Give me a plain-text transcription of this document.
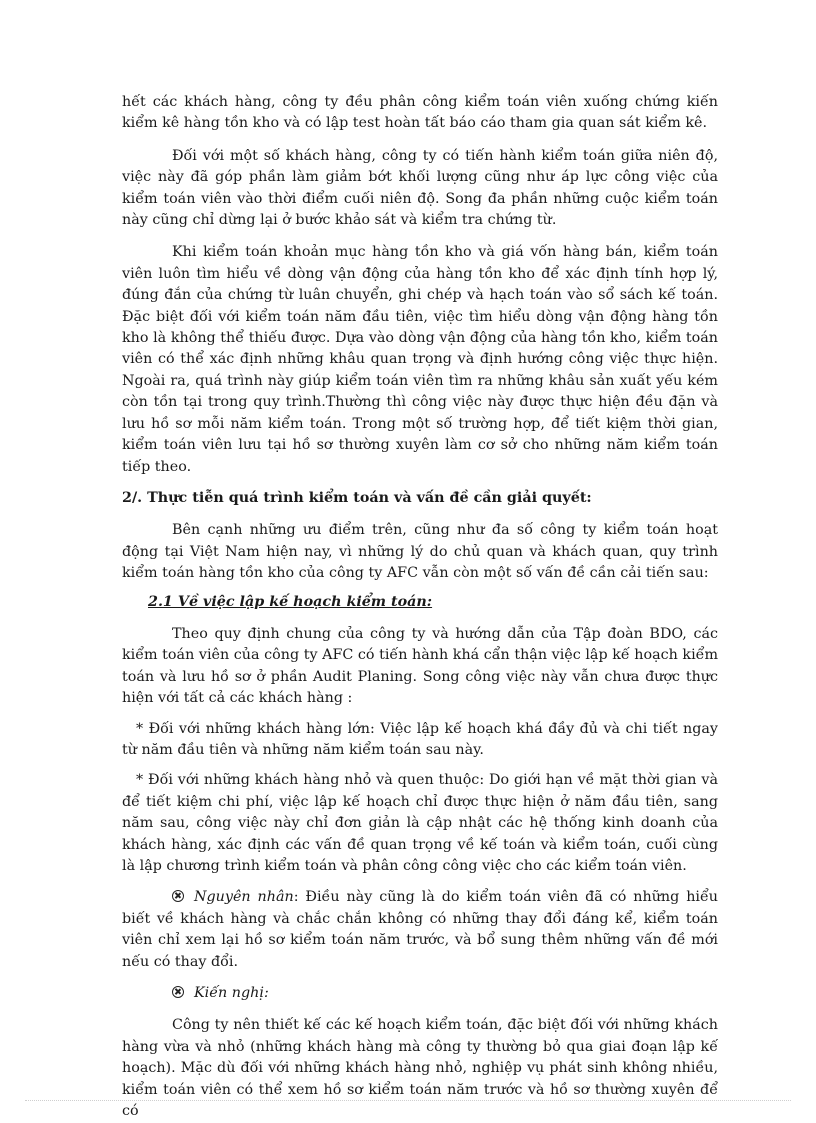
hết các khách hàng, công ty đều phân công kiểm toán viên xuống chứng kiến kiểm kê hàng tồn kho và có lập test hoàn tất báo cáo tham gia quan sát kiểm kê.

Đối với một số khách hàng, công ty có tiến hành kiểm toán giữa niên độ, việc này đã góp phần làm giảm bớt khối lượng cũng như áp lực công việc của kiểm toán viên vào thời điểm cuối niên độ. Song đa phần những cuộc kiểm toán này cũng chỉ dừng lại ở bước khảo sát và kiểm tra chứng từ.

Khi kiểm toán khoản mục hàng tồn kho và giá vốn hàng bán, kiểm toán viên luôn tìm hiểu về dòng vận động của hàng tồn kho để xác định tính hợp lý, đúng đắn của chứng từ luân chuyển, ghi chép và hạch toán vào sổ sách kế toán. Đặc biệt đối với kiểm toán năm đầu tiên, việc tìm hiểu dòng vận động hàng tồn kho là không thể thiếu được. Dựa vào dòng vận động của hàng tồn kho, kiểm toán viên có thể xác định những khâu quan trọng và định hướng công việc thực hiện. Ngoài ra, quá trình này giúp kiểm toán viên tìm ra những khâu sản xuất yếu kém còn tồn tại trong quy trình.Thường thì công việc này được thực hiện đều đặn và lưu hồ sơ mỗi năm kiểm toán. Trong một số trường hợp, để tiết kiệm thời gian, kiểm toán viên lưu tại hồ sơ thường xuyên làm cơ sở cho những năm kiểm toán tiếp theo.

2/. Thực tiễn quá trình kiểm toán và vấn đề cần giải quyết:

Bên cạnh những ưu điểm trên, cũng như đa số công ty kiểm toán hoạt động tại Việt Nam hiện nay, vì những lý do chủ quan và khách quan, quy trình kiểm toán hàng tồn kho của công ty AFC vẫn còn một số vấn đề cần cải tiến sau:

2.1 Về việc lập kế hoạch kiểm toán:

Theo quy định chung của công ty và hướng dẫn của Tập đoàn BDO, các kiểm toán viên của công ty AFC có tiến hành khá cẩn thận việc lập kế hoạch kiểm toán và lưu hồ sơ ở phần Audit Planing. Song công việc này vẫn chưa được thực hiện với tất cả các khách hàng :

* Đối với những khách hàng lớn: Việc lập kế hoạch khá đầy đủ và chi tiết ngay từ năm đầu tiên và những năm kiểm toán sau này.

* Đối với những khách hàng nhỏ và quen thuộc: Do giới hạn về mặt thời gian và để tiết kiệm chi phí, việc lập kế hoạch chỉ được thực hiện ở năm đầu tiên, sang năm sau, công việc này chỉ đơn giản là cập nhật các hệ thống kinh doanh của khách hàng, xác định các vấn đề quan trọng về kế toán và kiểm toán, cuối cùng là lập chương trình kiểm toán và phân công công việc cho các kiểm toán viên.

Nguyên nhân: Điều này cũng là do kiểm toán viên đã có những hiểu biết về khách hàng và chắc chắn không có những thay đổi đáng kể, kiểm toán viên chỉ xem lại hồ sơ kiểm toán năm trước, và bổ sung thêm những vấn đề mới nếu có thay đổi.

Kiến nghị:

Công ty nên thiết kế các kế hoạch kiểm toán, đặc biệt đối với những khách hàng vừa và nhỏ (những khách hàng mà công ty thường bỏ qua giai đoạn lập kế hoạch). Mặc dù đối với những khách hàng nhỏ, nghiệp vụ phát sinh không nhiều, kiểm toán viên có thể xem hồ sơ kiểm toán năm trước và hồ sơ thường xuyên để có
